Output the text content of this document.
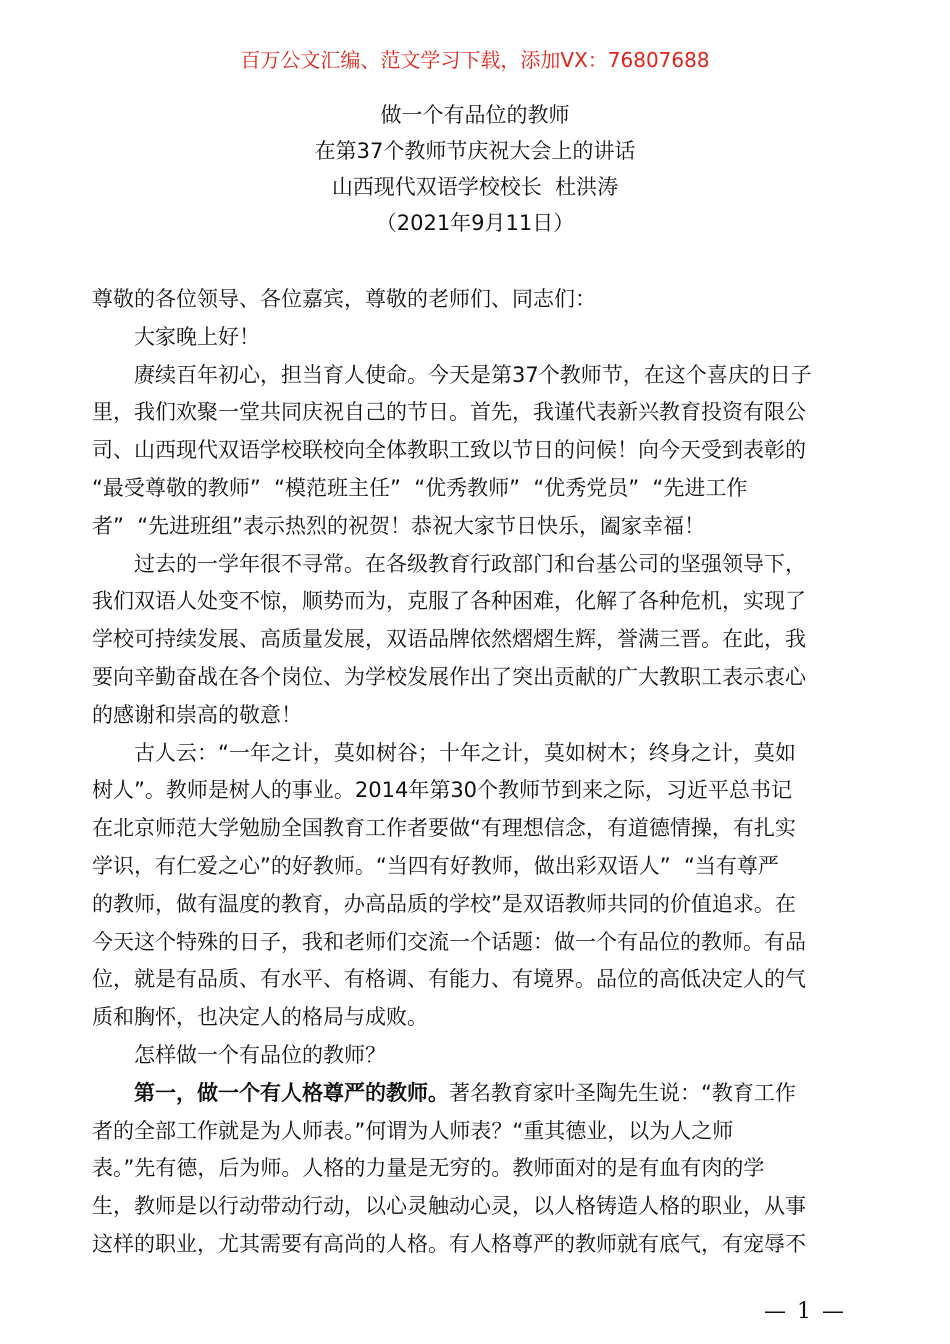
百万公文汇编、范文学习下载，添加VX：76807688
做一个有品位的教师
在第37个教师节庆祝大会上的讲话
山西现代双语学校校长  杜洪涛
（2021年9月11日）

尊敬的各位领导、各位嘉宾，尊敬的老师们、同志们：

大家晚上好！

赓续百年初心，担当育人使命。今天是第37个教师节，在这个喜庆的日子

里，我们欢聚一堂共同庆祝自己的节日。首先，我谨代表新兴教育投资有限公

司、山西现代双语学校联校向全体教职工致以节日的问候！向今天受到表彰的

“最受尊敬的教师”  “模范班主任”  “优秀教师”  “优秀党员”  “先进工作

者”  “先进班组”表示热烈的祝贺！恭祝大家节日快乐，阖家幸福！

过去的一学年很不寻常。在各级教育行政部门和台基公司的坚强领导下，

我们双语人处变不惊，顺势而为，克服了各种困难，化解了各种危机，实现了

学校可持续发展、高质量发展，双语品牌依然熠熠生辉，誉满三晋。在此，我

要向辛勤奋战在各个岗位、为学校发展作出了突出贡献的广大教职工表示衷心

的感谢和崇高的敬意！

古人云：“一年之计，莫如树谷；十年之计，莫如树木；终身之计，莫如

树人”。教师是树人的事业。2014年第30个教师节到来之际，习近平总书记

在北京师范大学勉励全国教育工作者要做“有理想信念，有道德情操，有扎实

学识，有仁爱之心”的好教师。“当四有好教师，做出彩双语人”  “当有尊严

的教师，做有温度的教育，办高品质的学校”是双语教师共同的价值追求。在

今天这个特殊的日子，我和老师们交流一个话题：做一个有品位的教师。有品

位，就是有品质、有水平、有格调、有能力、有境界。品位的高低决定人的气

质和胸怀，也决定人的格局与成败。

怎样做一个有品位的教师？

第一，做一个有人格尊严的教师。著名教育家叶圣陶先生说：“教育工作

者的全部工作就是为人师表。”何谓为人师表？“重其德业，以为人之师

表。”先有德，后为师。人格的力量是无穷的。教师面对的是有血有肉的学

生，教师是以行动带动行动，以心灵触动心灵，以人格铸造人格的职业，从事

这样的职业，尤其需要有高尚的人格。有人格尊严的教师就有底气，有宠辱不

— 1 —
